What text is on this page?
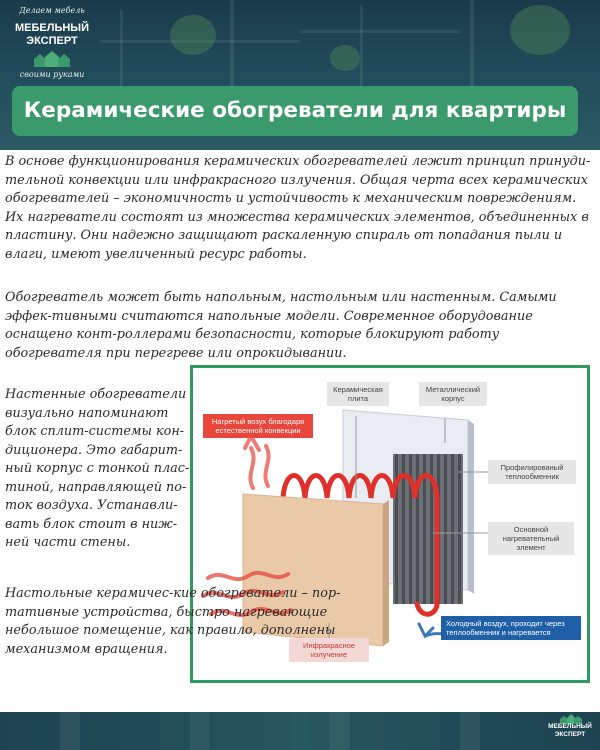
Делаем мебель
МЕБЕЛЬНЫЙ
ЭКСПЕРТ
своими руками
Керамические обогреватели для квартиры

В основе функционирования керамических обогревателей лежит принцип принуди-тельной конвекции или инфракрасного излучения. Общая черта всех керамических обогревателей – экономичность и устойчивость к механическим повреждениям. Их нагреватели состоят из множества керамических элементов, объединенных в пластину. Они надежно защищают раскаленную спираль от попадания пыли и влаги, имеют увеличенный ресурс работы.

Обогреватель может быть напольным, настольным или настенным. Самыми эффек-тивными считаются напольные модели. Современное оборудование оснащено конт-роллерами безопасности, которые блокируют работу обогревателя при перегреве или опрокидывании.

Настенные обогреватели визуально напоминают блок сплит-системы кон-диционера. Это габарит-ный корпус с тонкой плас-тиной, направляющей по-ток воздуха. Устанавли-вать блок стоит в ниж-ней части стены.

Керамическая плита
Металлический корпус
Нагретый возух благодаря естественной конвекции
Профилированый теплообменник
Основной нагревательный элемент
Холодный воздух, проходит через теплообменник и нагревается
Инфракрасное излучение

Настольные керамичес-кие обогреватели – пор-тативные устройства, быстро нагревающие небольшое помещение, как правило, дополнены механизмом вращения.

МЕБЕЛЬНЫЙ
ЭКСПЕРТ
